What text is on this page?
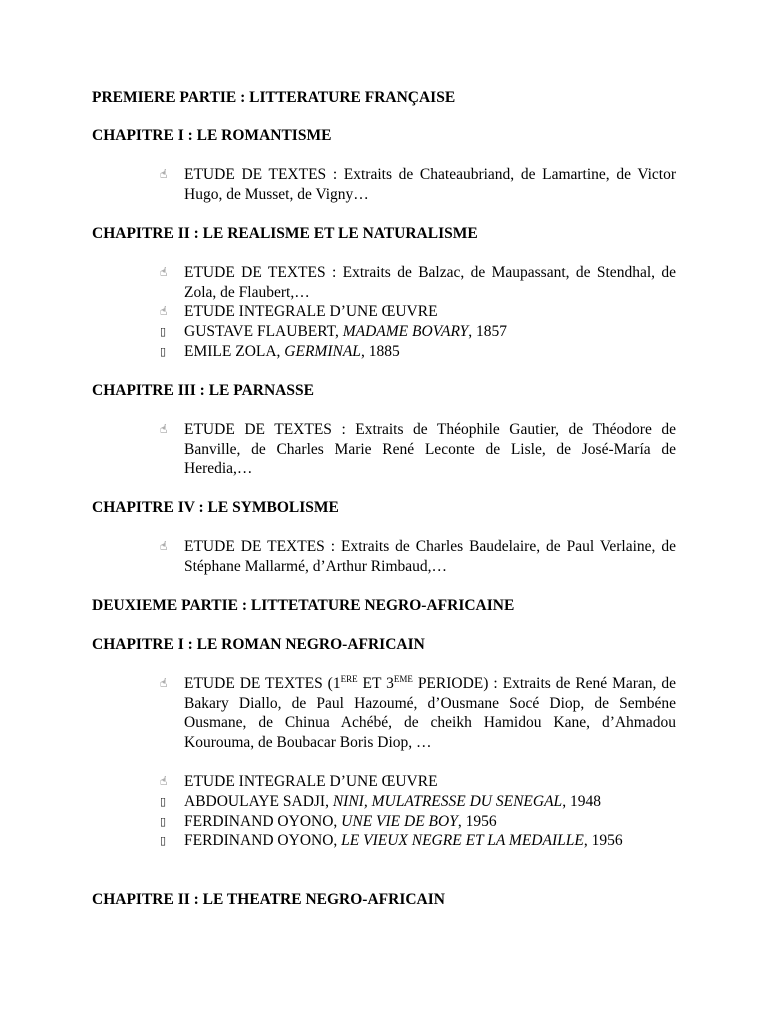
PREMIERE PARTIE : LITTERATURE FRANÇAISE
CHAPITRE I : LE ROMANTISME
☝	ETUDE DE TEXTES : Extraits de Chateaubriand, de Lamartine, de Victor Hugo, de Musset, de Vigny…
CHAPITRE II : LE REALISME ET LE NATURALISME
☝	ETUDE DE TEXTES : Extraits de Balzac, de Maupassant, de Stendhal, de Zola, de Flaubert,…
☝	ETUDE INTEGRALE D’UNE ŒUVRE
▯	GUSTAVE FLAUBERT, MADAME BOVARY, 1857
▯	EMILE ZOLA, GERMINAL, 1885
CHAPITRE III : LE PARNASSE
☝	ETUDE DE TEXTES : Extraits de Théophile Gautier, de Théodore de Banville, de Charles Marie René Leconte de Lisle, de José-María de Heredia,…
CHAPITRE IV : LE SYMBOLISME
☝	ETUDE DE TEXTES : Extraits de Charles Baudelaire, de Paul Verlaine, de Stéphane Mallarmé, d’Arthur Rimbaud,…
DEUXIEME PARTIE : LITTETATURE NEGRO-AFRICAINE
CHAPITRE I : LE ROMAN NEGRO-AFRICAIN
☝	ETUDE DE TEXTES (1ERE ET 3EME PERIODE) : Extraits de René Maran, de Bakary Diallo, de Paul Hazoumé, d’Ousmane Socé Diop, de Sembéne Ousmane, de Chinua Achébé, de cheikh Hamidou Kane, d’Ahmadou Kourouma, de Boubacar Boris Diop, …
☝	ETUDE INTEGRALE D’UNE ŒUVRE
▯	ABDOULAYE SADJI, NINI, MULATRESSE DU SENEGAL, 1948
▯	FERDINAND OYONO, UNE VIE DE BOY, 1956
▯	FERDINAND OYONO, LE VIEUX NEGRE ET LA MEDAILLE, 1956
CHAPITRE II : LE THEATRE NEGRO-AFRICAIN
